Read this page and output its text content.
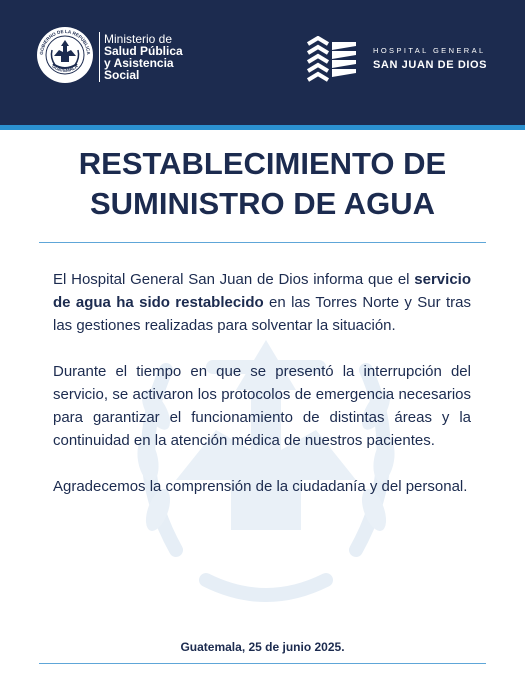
GOBIERNO DE LA REPÚBLICA
GUATEMALA
Ministerio de
Salud Pública
y Asistencia
Social
HOSPITAL GENERAL
SAN JUAN DE DIOS
RESTABLECIMIENTO DE
SUMINISTRO DE AGUA

El Hospital General San Juan de Dios informa que el servicio de agua ha sido restablecido en las Torres Norte y Sur tras las gestiones realizadas para solventar la situación.

Durante el tiempo en que se presentó la interrupción del servicio, se activaron los protocolos de emergencia necesarios para garantizar el funcionamiento de distintas áreas y la continuidad en la atención médica de nuestros pacientes.

Agradecemos la comprensión de la ciudadanía y del personal.

Guatemala, 25 de junio 2025.
